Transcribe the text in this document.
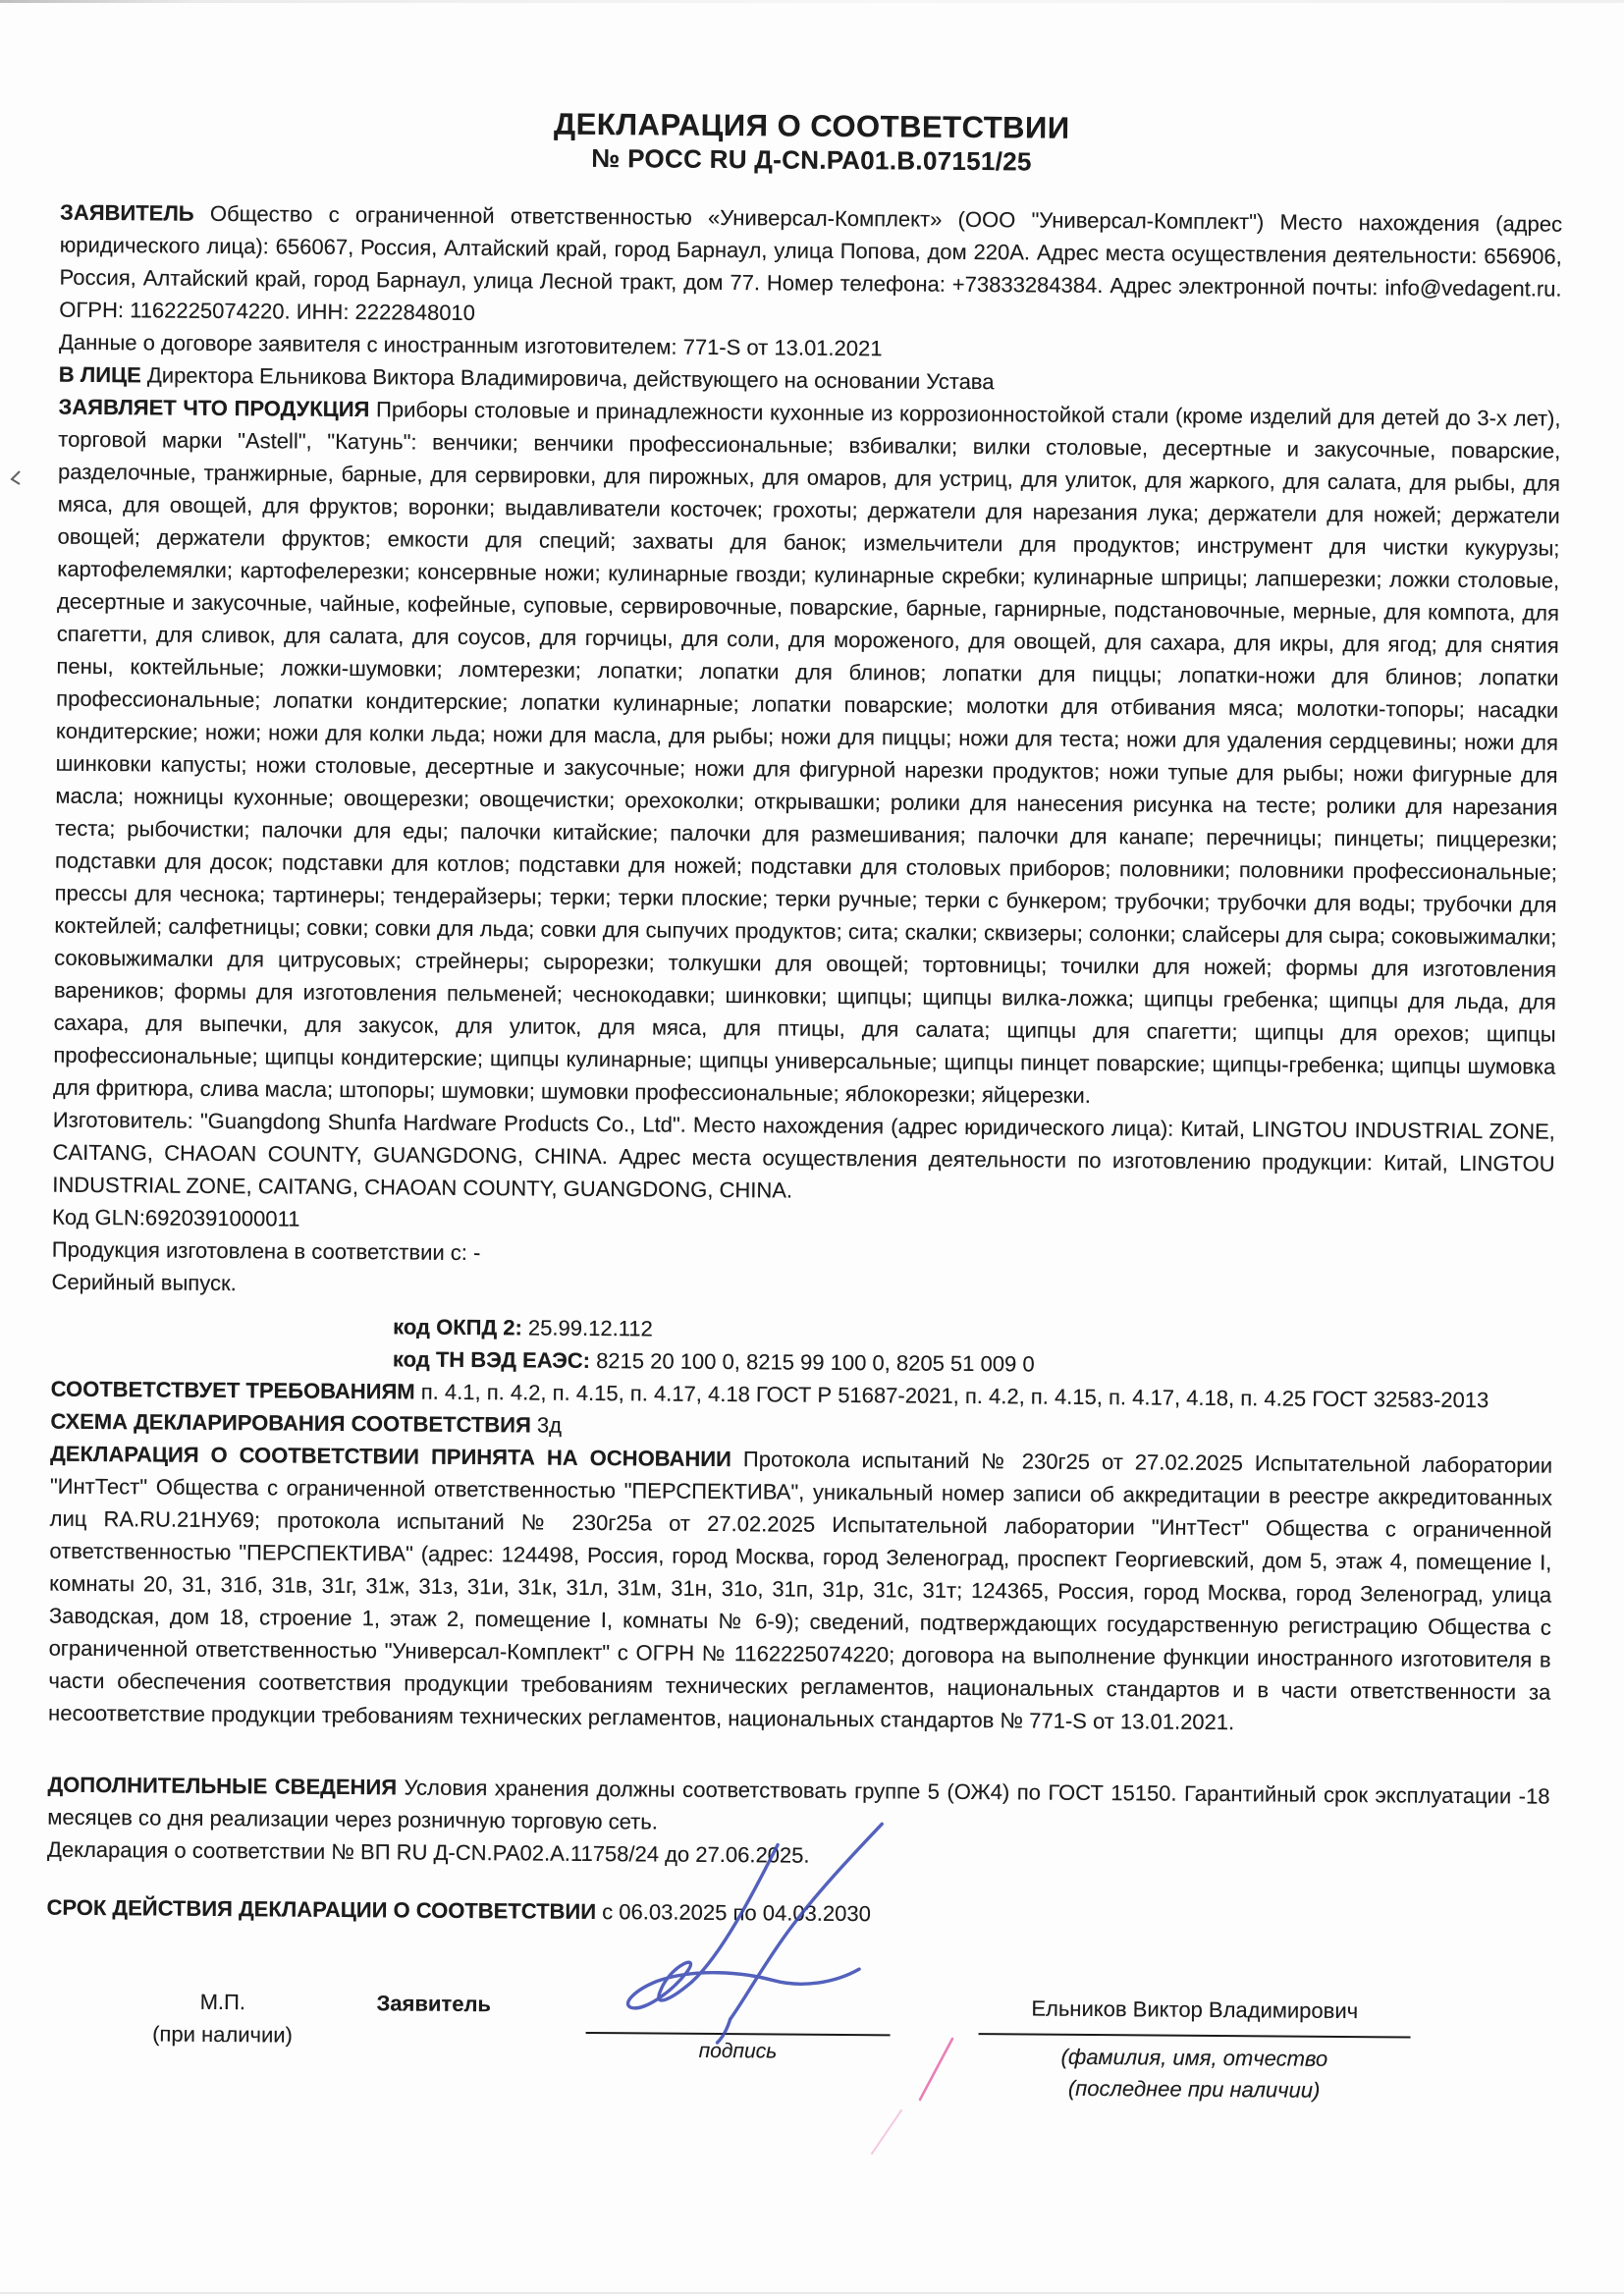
ДЕКЛАРАЦИЯ О СООТВЕТСТВИИ
№ РОСС RU Д-CN.РА01.В.07151/25

ЗАЯВИТЕЛЬ Общество с ограниченной ответственностью «Универсал-Комплект» (ООО "Универсал-Комплект") Место нахождения (адрес юридического лица): 656067, Россия, Алтайский край, город Барнаул, улица Попова, дом 220А. Адрес места осуществления деятельности: 656906, Россия, Алтайский край, город Барнаул, улица Лесной тракт, дом 77. Номер телефона: +73833284384. Адрес электронной почты: info@vedagent.ru. ОГРН: 1162225074220. ИНН: 2222848010
Данные о договоре заявителя с иностранным изготовителем: 771-S от 13.01.2021

В ЛИЦЕ Директора Ельникова Виктора Владимировича, действующего на основании Устава

ЗАЯВЛЯЕТ ЧТО ПРОДУКЦИЯ Приборы столовые и принадлежности кухонные из коррозионностойкой стали (кроме изделий для детей до 3-х лет), торговой марки "Astell", "Катунь": венчики; венчики профессиональные; взбивалки; вилки столовые, десертные и закусочные, поварские, разделочные, транжирные, барные, для сервировки, для пирожных, для омаров, для устриц, для улиток, для жаркого, для салата, для рыбы, для мяса, для овощей, для фруктов; воронки; выдавливатели косточек; грохоты; держатели для нарезания лука; держатели для ножей; держатели овощей; держатели фруктов; емкости для специй; захваты для банок; измельчители для продуктов; инструмент для чистки кукурузы; картофелемялки; картофелерезки; консервные ножи; кулинарные гвозди; кулинарные скребки; кулинарные шприцы; лапшерезки; ложки столовые, десертные и закусочные, чайные, кофейные, суповые, сервировочные, поварские, барные, гарнирные, подстановочные, мерные, для компота, для спагетти, для сливок, для салата, для соусов, для горчицы, для соли, для мороженого, для овощей, для сахара, для икры, для ягод; для снятия пены, коктейльные; ложки-шумовки; ломтерезки; лопатки; лопатки для блинов; лопатки для пиццы; лопатки-ножи для блинов; лопатки профессиональные; лопатки кондитерские; лопатки кулинарные; лопатки поварские; молотки для отбивания мяса; молотки-топоры; насадки кондитерские; ножи; ножи для колки льда; ножи для масла, для рыбы; ножи для пиццы; ножи для теста; ножи для удаления сердцевины; ножи для шинковки капусты; ножи столовые, десертные и закусочные; ножи для фигурной нарезки продуктов; ножи тупые для рыбы; ножи фигурные для масла; ножницы кухонные; овощерезки; овощечистки; орехоколки; открывашки; ролики для нанесения рисунка на тесте; ролики для нарезания теста; рыбочистки; палочки для еды; палочки китайские; палочки для размешивания; палочки для канапе; перечницы; пинцеты; пиццерезки; подставки для досок; подставки для котлов; подставки для ножей; подставки для столовых приборов; половники; половники профессиональные; прессы для чеснока; тартинеры; тендерайзеры; терки; терки плоские; терки ручные; терки с бункером; трубочки; трубочки для воды; трубочки для коктейлей; салфетницы; совки; совки для льда; совки для сыпучих продуктов; сита; скалки; сквизеры; солонки; слайсеры для сыра; соковыжималки; соковыжималки для цитрусовых; стрейнеры; сырорезки; толкушки для овощей; тортовницы; точилки для ножей; формы для изготовления вареников; формы для изготовления пельменей; чеснокодавки; шинковки; щипцы; щипцы вилка-ложка; щипцы гребенка; щипцы для льда, для сахара, для выпечки, для закусок, для улиток, для мяса, для птицы, для салата; щипцы для спагетти; щипцы для орехов; щипцы профессиональные; щипцы кондитерские; щипцы кулинарные; щипцы универсальные; щипцы пинцет поварские; щипцы-гребенка; щипцы шумовка для фритюра, слива масла; штопоры; шумовки; шумовки профессиональные; яблокорезки; яйцерезки.

Изготовитель: "Guangdong Shunfa Hardware Products Co., Ltd". Место нахождения (адрес юридического лица): Китай, LINGTOU INDUSTRIAL ZONE, CAITANG, CHAOAN COUNTY, GUANGDONG, CHINA. Адрес места осуществления деятельности по изготовлению продукции: Китай, LINGTOU INDUSTRIAL ZONE, CAITANG, CHAOAN COUNTY, GUANGDONG, CHINA.

Код GLN:6920391000011

Продукция изготовлена в соответствии с: -

Серийный выпуск.

код ОКПД 2: 25.99.12.112

код ТН ВЭД ЕАЭС: 8215 20 100 0, 8215 99 100 0, 8205 51 009 0

СООТВЕТСТВУЕТ ТРЕБОВАНИЯМ п. 4.1, п. 4.2, п. 4.15, п. 4.17, 4.18 ГОСТ Р 51687-2021, п. 4.2, п. 4.15, п. 4.17, 4.18, п. 4.25 ГОСТ 32583-2013

СХЕМА ДЕКЛАРИРОВАНИЯ СООТВЕТСТВИЯ 3д

ДЕКЛАРАЦИЯ О СООТВЕТСТВИИ ПРИНЯТА НА ОСНОВАНИИ Протокола испытаний № 230г25 от 27.02.2025 Испытательной лаборатории "ИнтТест" Общества с ограниченной ответственностью "ПЕРСПЕКТИВА", уникальный номер записи об аккредитации в реестре аккредитованных лиц RA.RU.21НУ69; протокола испытаний № 230г25а от 27.02.2025 Испытательной лаборатории "ИнтТест" Общества с ограниченной ответственностью "ПЕРСПЕКТИВА" (адрес: 124498, Россия, город Москва, город Зеленоград, проспект Георгиевский, дом 5, этаж 4, помещение I, комнаты 20, 31, 31б, 31в, 31г, 31ж, 31з, 31и, 31к, 31л, 31м, 31н, 31о, 31п, 31р, 31с, 31т; 124365, Россия, город Москва, город Зеленоград, улица Заводская, дом 18, строение 1, этаж 2, помещение I, комнаты № 6-9); сведений, подтверждающих государственную регистрацию Общества с ограниченной ответственностью "Универсал-Комплект" с ОГРН № 1162225074220; договора на выполнение функции иностранного изготовителя в части обеспечения соответствия продукции требованиям технических регламентов, национальных стандартов и в части ответственности за несоответствие продукции требованиям технических регламентов, национальных стандартов № 771-S от 13.01.2021.

ДОПОЛНИТЕЛЬНЫЕ СВЕДЕНИЯ Условия хранения должны соответствовать группе 5 (ОЖ4) по ГОСТ 15150. Гарантийный срок эксплуатации -18 месяцев со дня реализации через розничную торговую сеть.
Декларация о соответствии № ВП RU Д-CN.РА02.А.11758/24 до 27.06.2025.

СРОК ДЕЙСТВИЯ ДЕКЛАРАЦИИ О СООТВЕТСТВИИ с 06.03.2025 по 04.03.2030

М.П.
(при наличии)
Заявитель
подпись
Ельников Виктор Владимирович
(фамилия, имя, отчество
(последнее при наличии)
